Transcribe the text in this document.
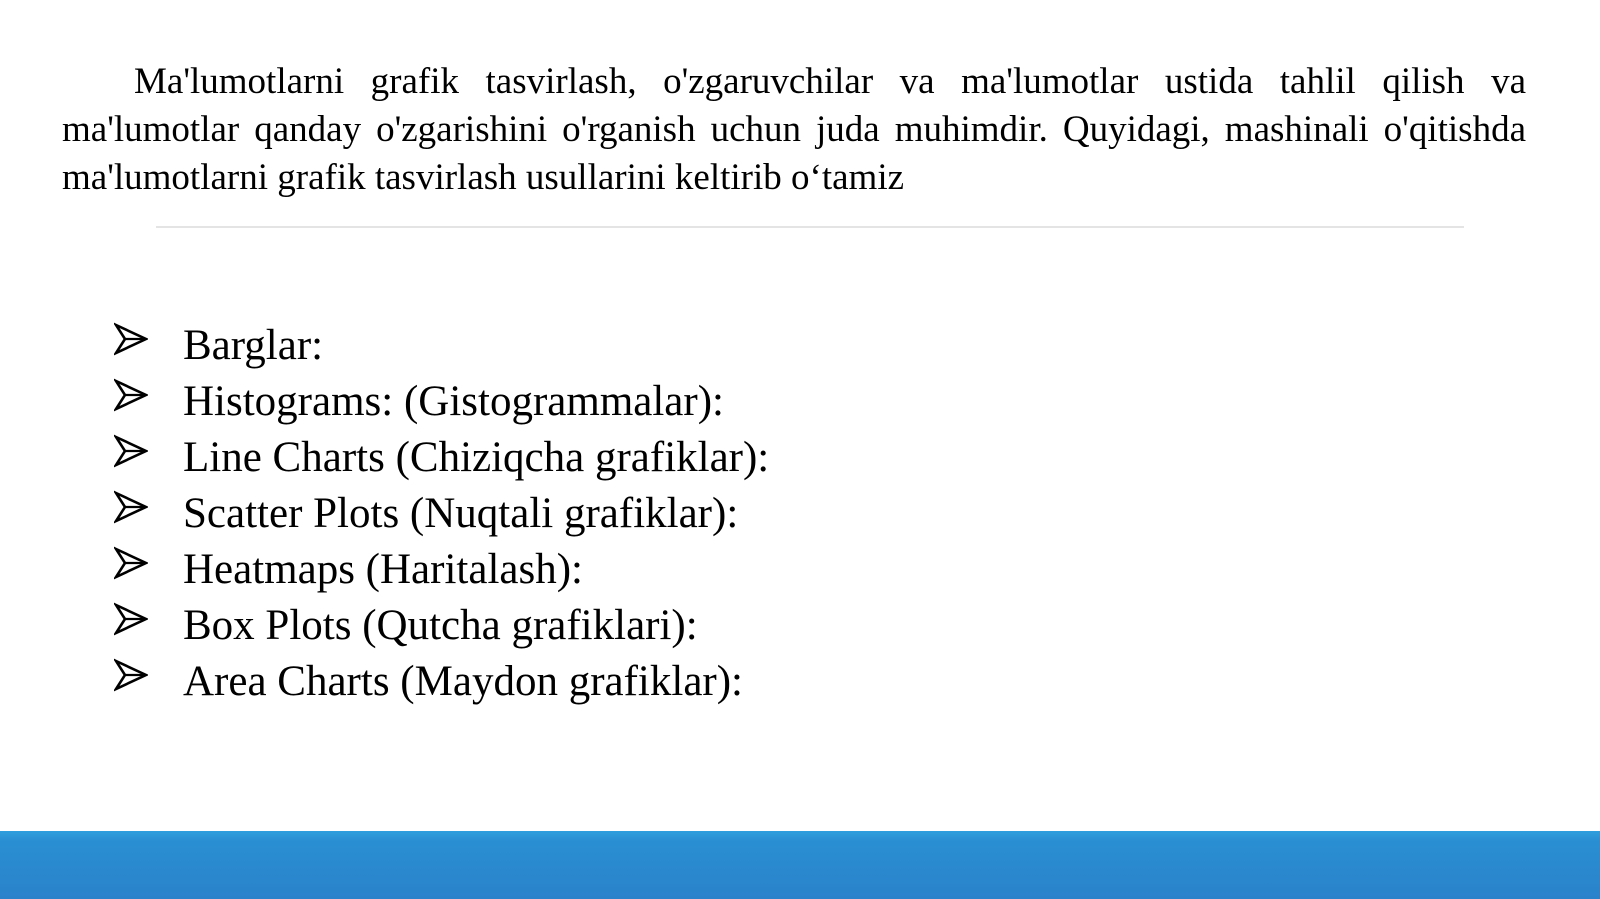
Ma'lumotlarni grafik tasvirlash, o'zgaruvchilar va ma'lumotlar ustida tahlil qilish va ma'lumotlar qanday o'zgarishini o'rganish uchun juda muhimdir. Quyidagi, mashinali o'qitishda ma'lumotlarni grafik tasvirlash usullarini keltirib o‘tamiz

Barglar:
Histograms: (Gistogrammalar):
Line Charts (Chiziqcha grafiklar):
Scatter Plots (Nuqtali grafiklar):
Heatmaps (Haritalash):
Box Plots (Qutcha grafiklari):
Area Charts (Maydon grafiklar):
